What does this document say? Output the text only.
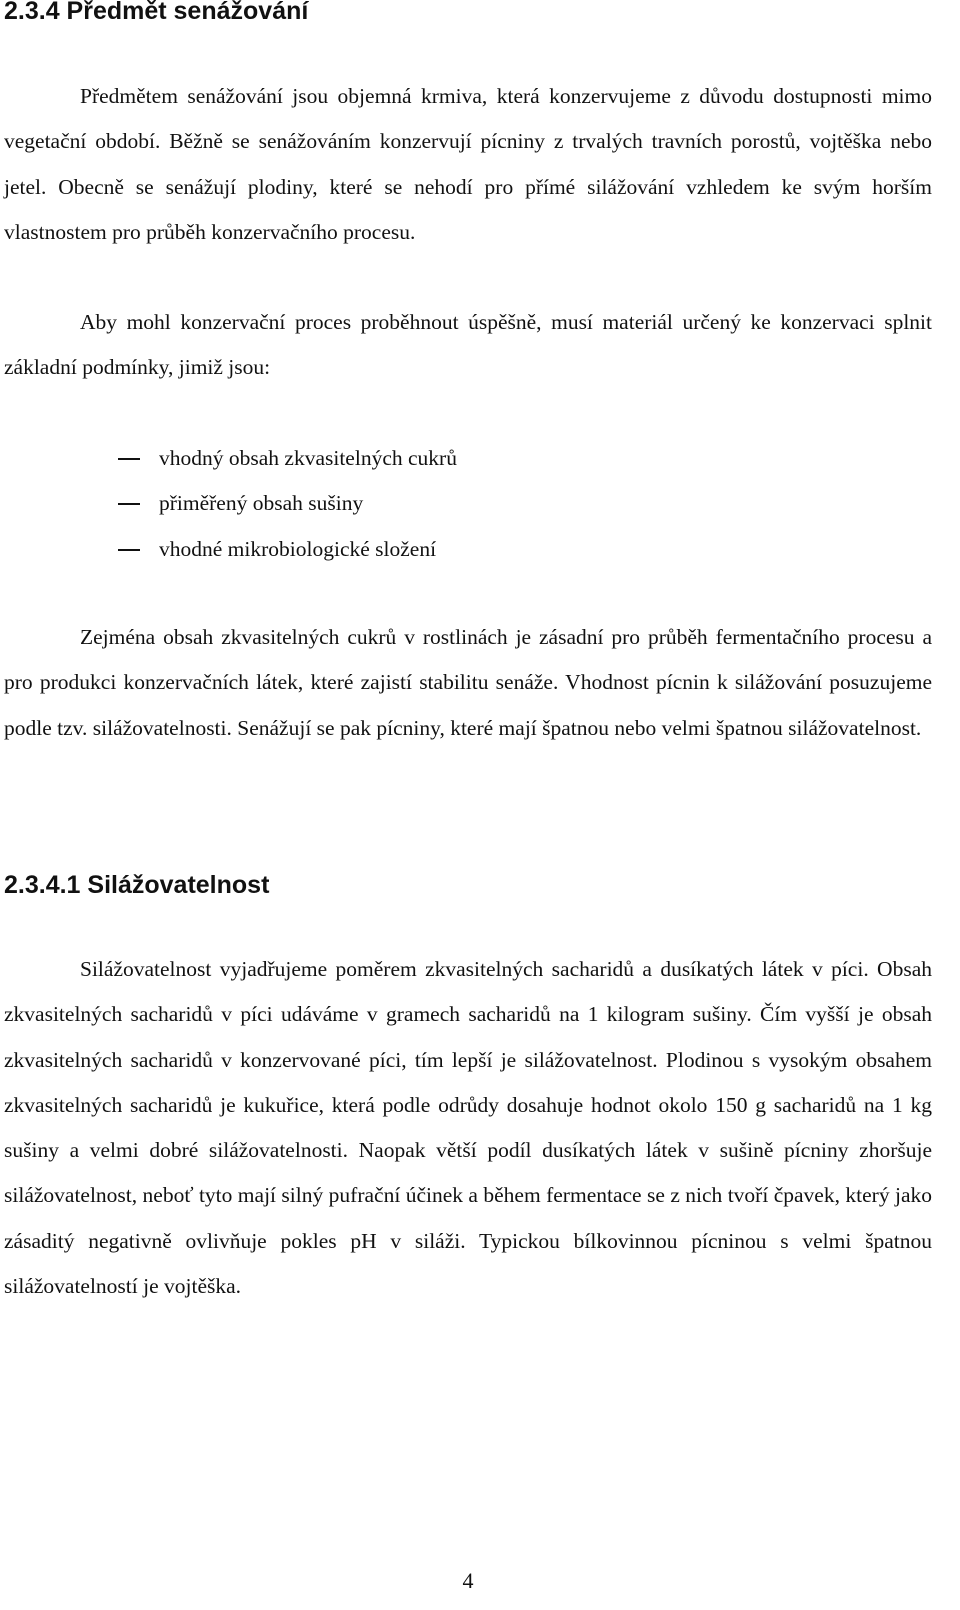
2.3.4 Předmět senážování

Předmětem senážování jsou objemná krmiva, která konzervujeme z důvodu dostupnosti mimo vegetační období. Běžně se senážováním konzervují pícniny z trvalých travních porostů, vojtěška nebo jetel. Obecně se senážují plodiny, které se nehodí pro přímé silážování vzhledem ke svým horším vlastnostem pro průběh konzervačního procesu.

Aby mohl konzervační proces proběhnout úspěšně, musí materiál určený ke konzervaci splnit základní podmínky, jimiž jsou:

vhodný obsah zkvasitelných cukrů
přiměřený obsah sušiny
vhodné mikrobiologické složení

Zejména obsah zkvasitelných cukrů v rostlinách je zásadní pro průběh fermentačního procesu a pro produkci konzervačních látek, které zajistí stabilitu senáže. Vhodnost pícnin k silážování posuzujeme podle tzv. silážovatelnosti. Senážují se pak pícniny, které mají špatnou nebo velmi špatnou silážovatelnost.

2.3.4.1 Silážovatelnost

Silážovatelnost vyjadřujeme poměrem zkvasitelných sacharidů a dusíkatých látek v píci. Obsah zkvasitelných sacharidů v píci udáváme v gramech sacharidů na 1 kilogram sušiny. Čím vyšší je obsah zkvasitelných sacharidů v konzervované píci, tím lepší je silážovatelnost. Plodinou s vysokým obsahem zkvasitelných sacharidů je kukuřice, která podle odrůdy dosahuje hodnot okolo 150 g sacharidů na 1 kg sušiny a velmi dobré silážovatelnosti. Naopak větší podíl dusíkatých látek v sušině pícniny zhoršuje silážovatelnost, neboť tyto mají silný pufrační účinek a během fermentace se z nich tvoří čpavek, který jako zásaditý negativně ovlivňuje pokles pH v siláži. Typickou bílkovinnou pícninou s velmi špatnou silážovatelností je vojtěška.

4
